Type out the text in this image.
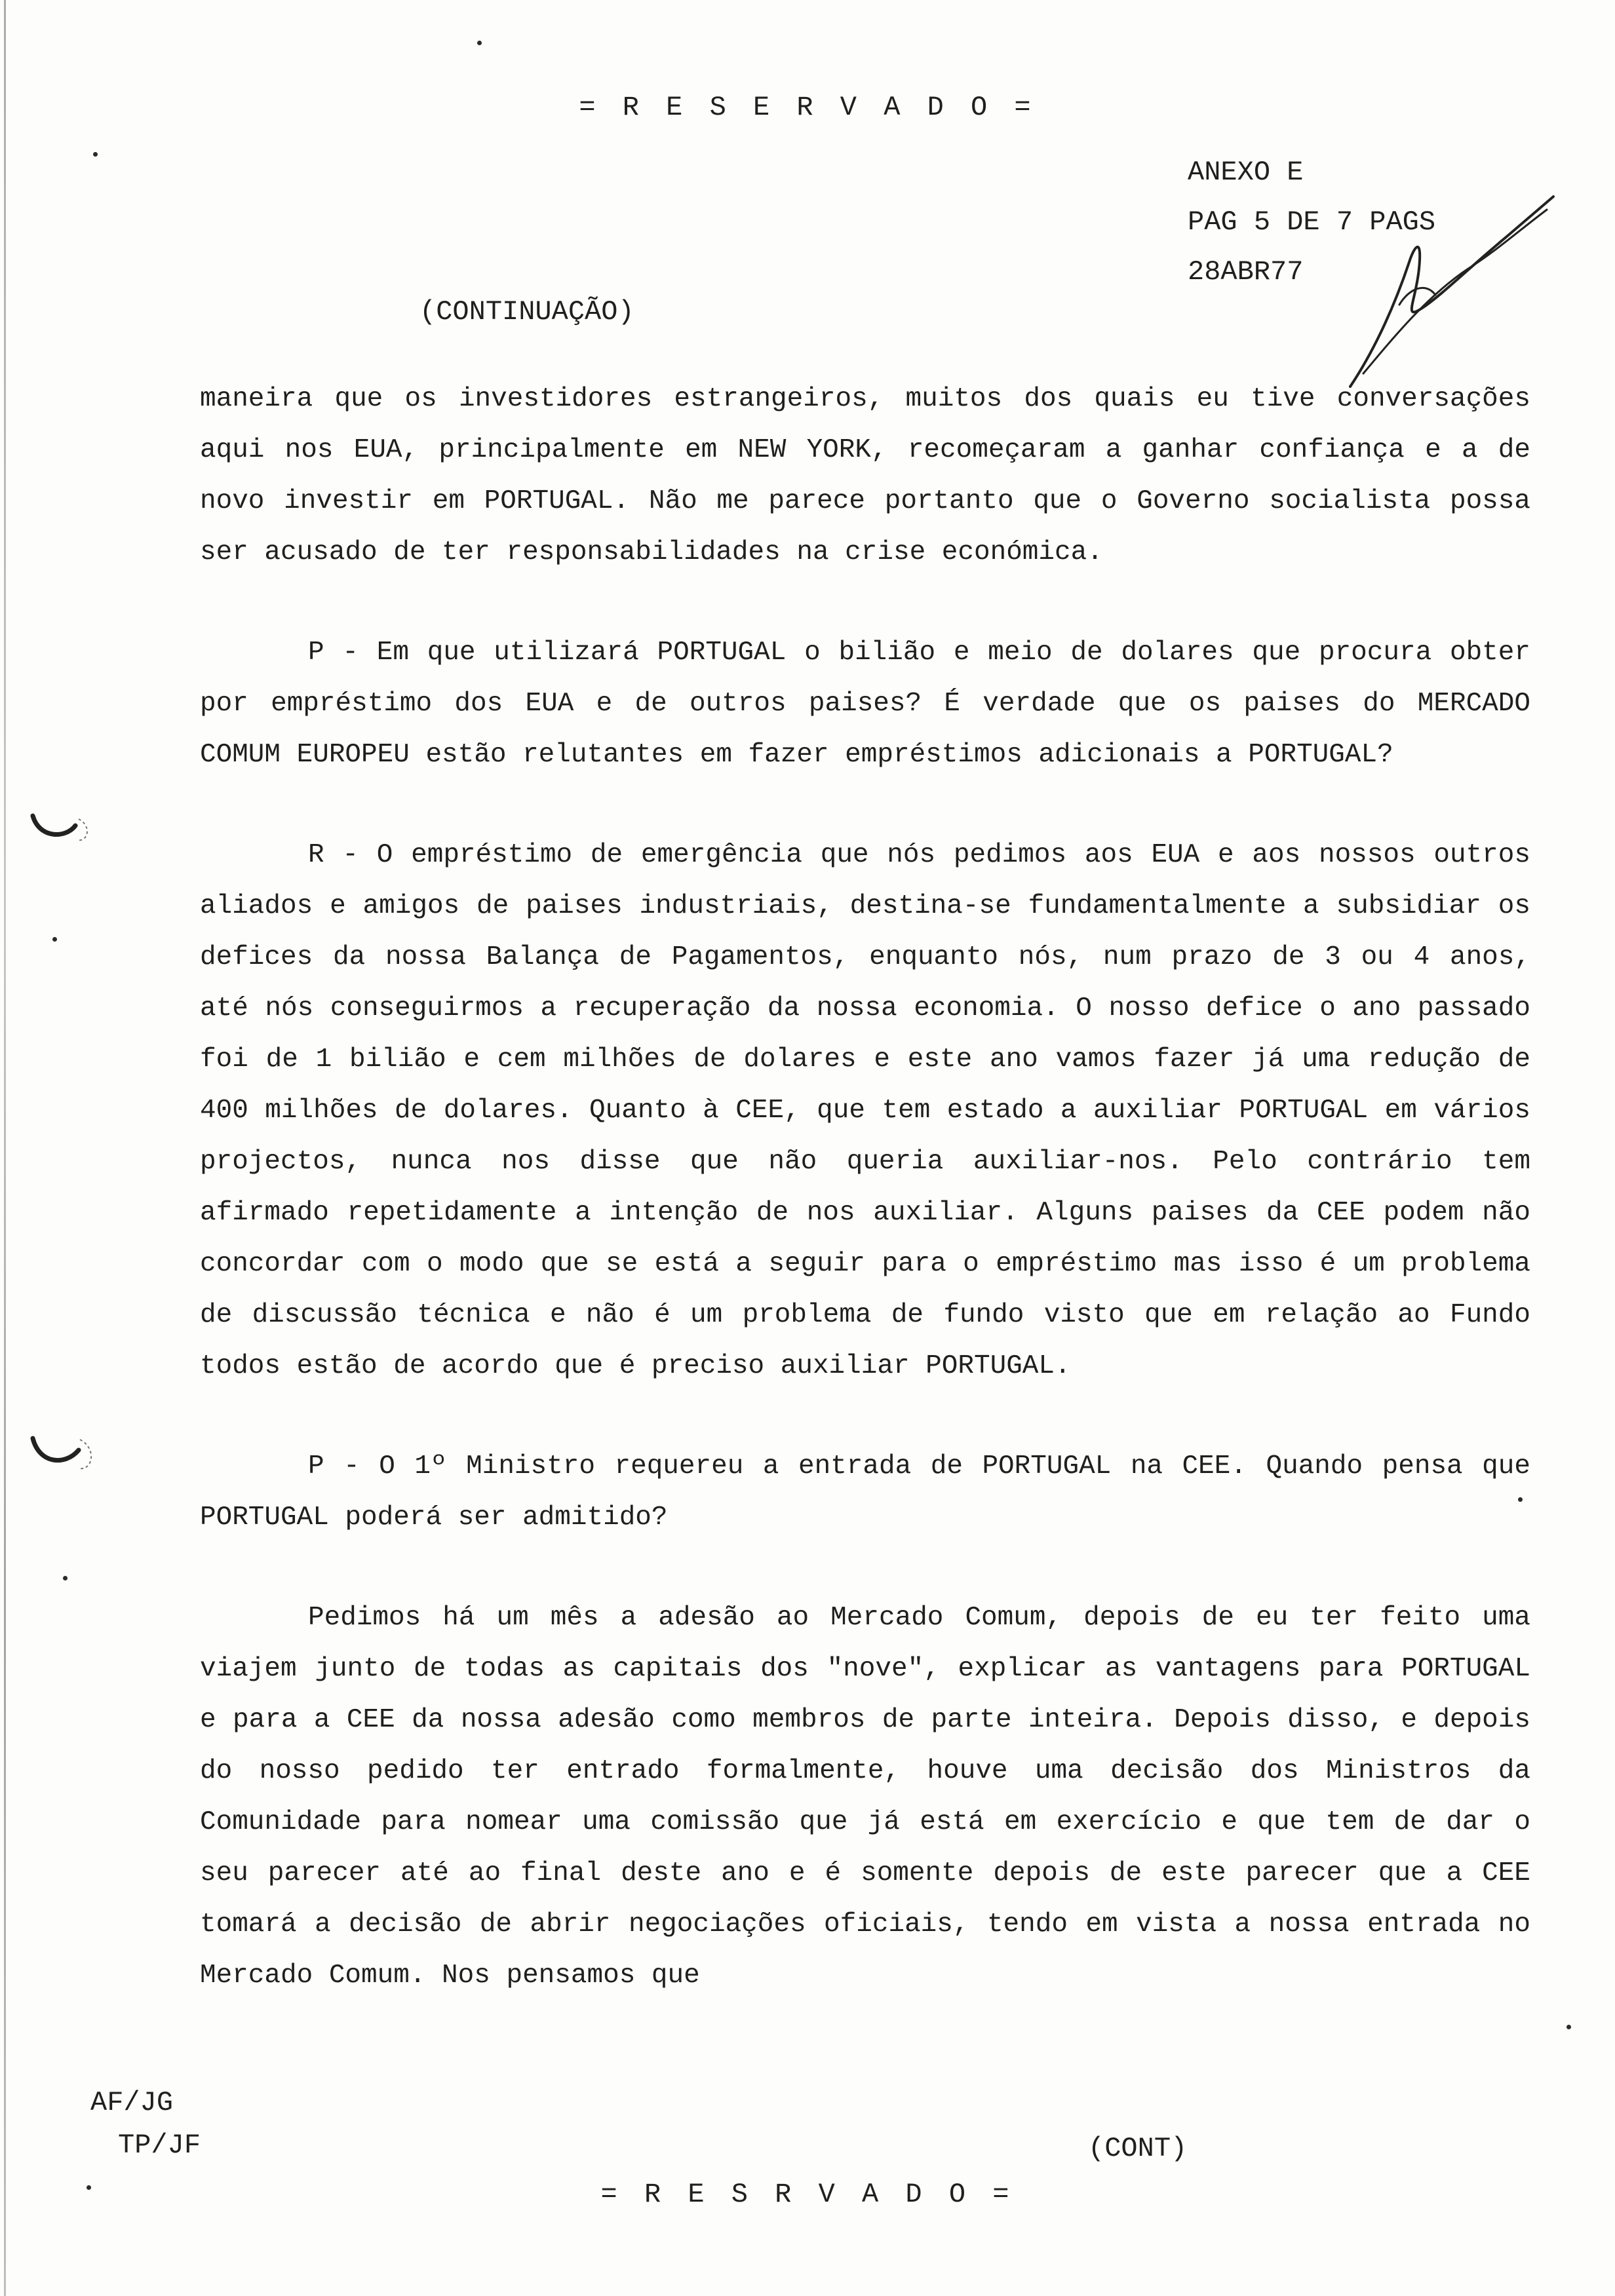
= R E S E R V A D O =
ANEXO E
PAG 5 DE 7 PAGS
28ABR77
(CONTINUAÇÃO)

maneira que os investidores estrangeiros, muitos dos quais eu tive conversações aqui nos EUA, principalmente em NEW YORK, recomeçaram a ganhar confiança e a de novo investir em PORTUGAL. Não me parece portanto que o Governo socialista possa ser acusado de ter responsabilidades na crise económica.

P - Em que utilizará PORTUGAL o bilião e meio de dolares que procura obter por empréstimo dos EUA e de outros paises? É verdade que os paises do MERCADO COMUM EUROPEU estão relutantes em fazer empréstimos adicionais a PORTUGAL?

R - O empréstimo de emergência que nós pedimos aos EUA e aos nossos outros aliados e amigos de paises industriais, destina-se fundamentalmente a subsidiar os defices da nossa Balança de Pagamentos, enquanto nós, num prazo de 3 ou 4 anos, até nós conseguirmos a recuperação da nossa economia. O nosso defice o ano passado foi de 1 bilião e cem milhões de dolares e este ano vamos fazer já uma redução de 400 milhões de dolares. Quanto à CEE, que tem estado a auxiliar PORTUGAL em vários projectos, nunca nos disse que não queria auxiliar-nos. Pelo contrário tem afirmado repetidamente a intenção de nos auxiliar. Alguns paises da CEE podem não concordar com o modo que se está a seguir para o empréstimo mas isso é um problema de discussão técnica e não é um problema de fundo visto que em relação ao Fundo todos estão de acordo que é preciso auxiliar PORTUGAL.

P - O 1º Ministro requereu a entrada de PORTUGAL na CEE. Quando pensa que PORTUGAL poderá ser admitido?

Pedimos há um mês a adesão ao Mercado Comum, depois de eu ter feito uma viajem junto de todas as capitais dos "nove", explicar as vantagens para PORTUGAL e para a CEE da nossa adesão como membros de parte inteira. Depois disso, e depois do nosso pedido ter entrado formalmente, houve uma decisão dos Ministros da Comunidade para nomear uma comissão que já está em exercício e que tem de dar o seu parecer até ao final deste ano e é somente depois de este parecer que a CEE tomará a decisão de abrir negociações oficiais, tendo em vista a nossa entrada no Mercado Comum. Nos pensamos que

AF/JG
TP/JF	(CONT)
= R E S R V A D O =
